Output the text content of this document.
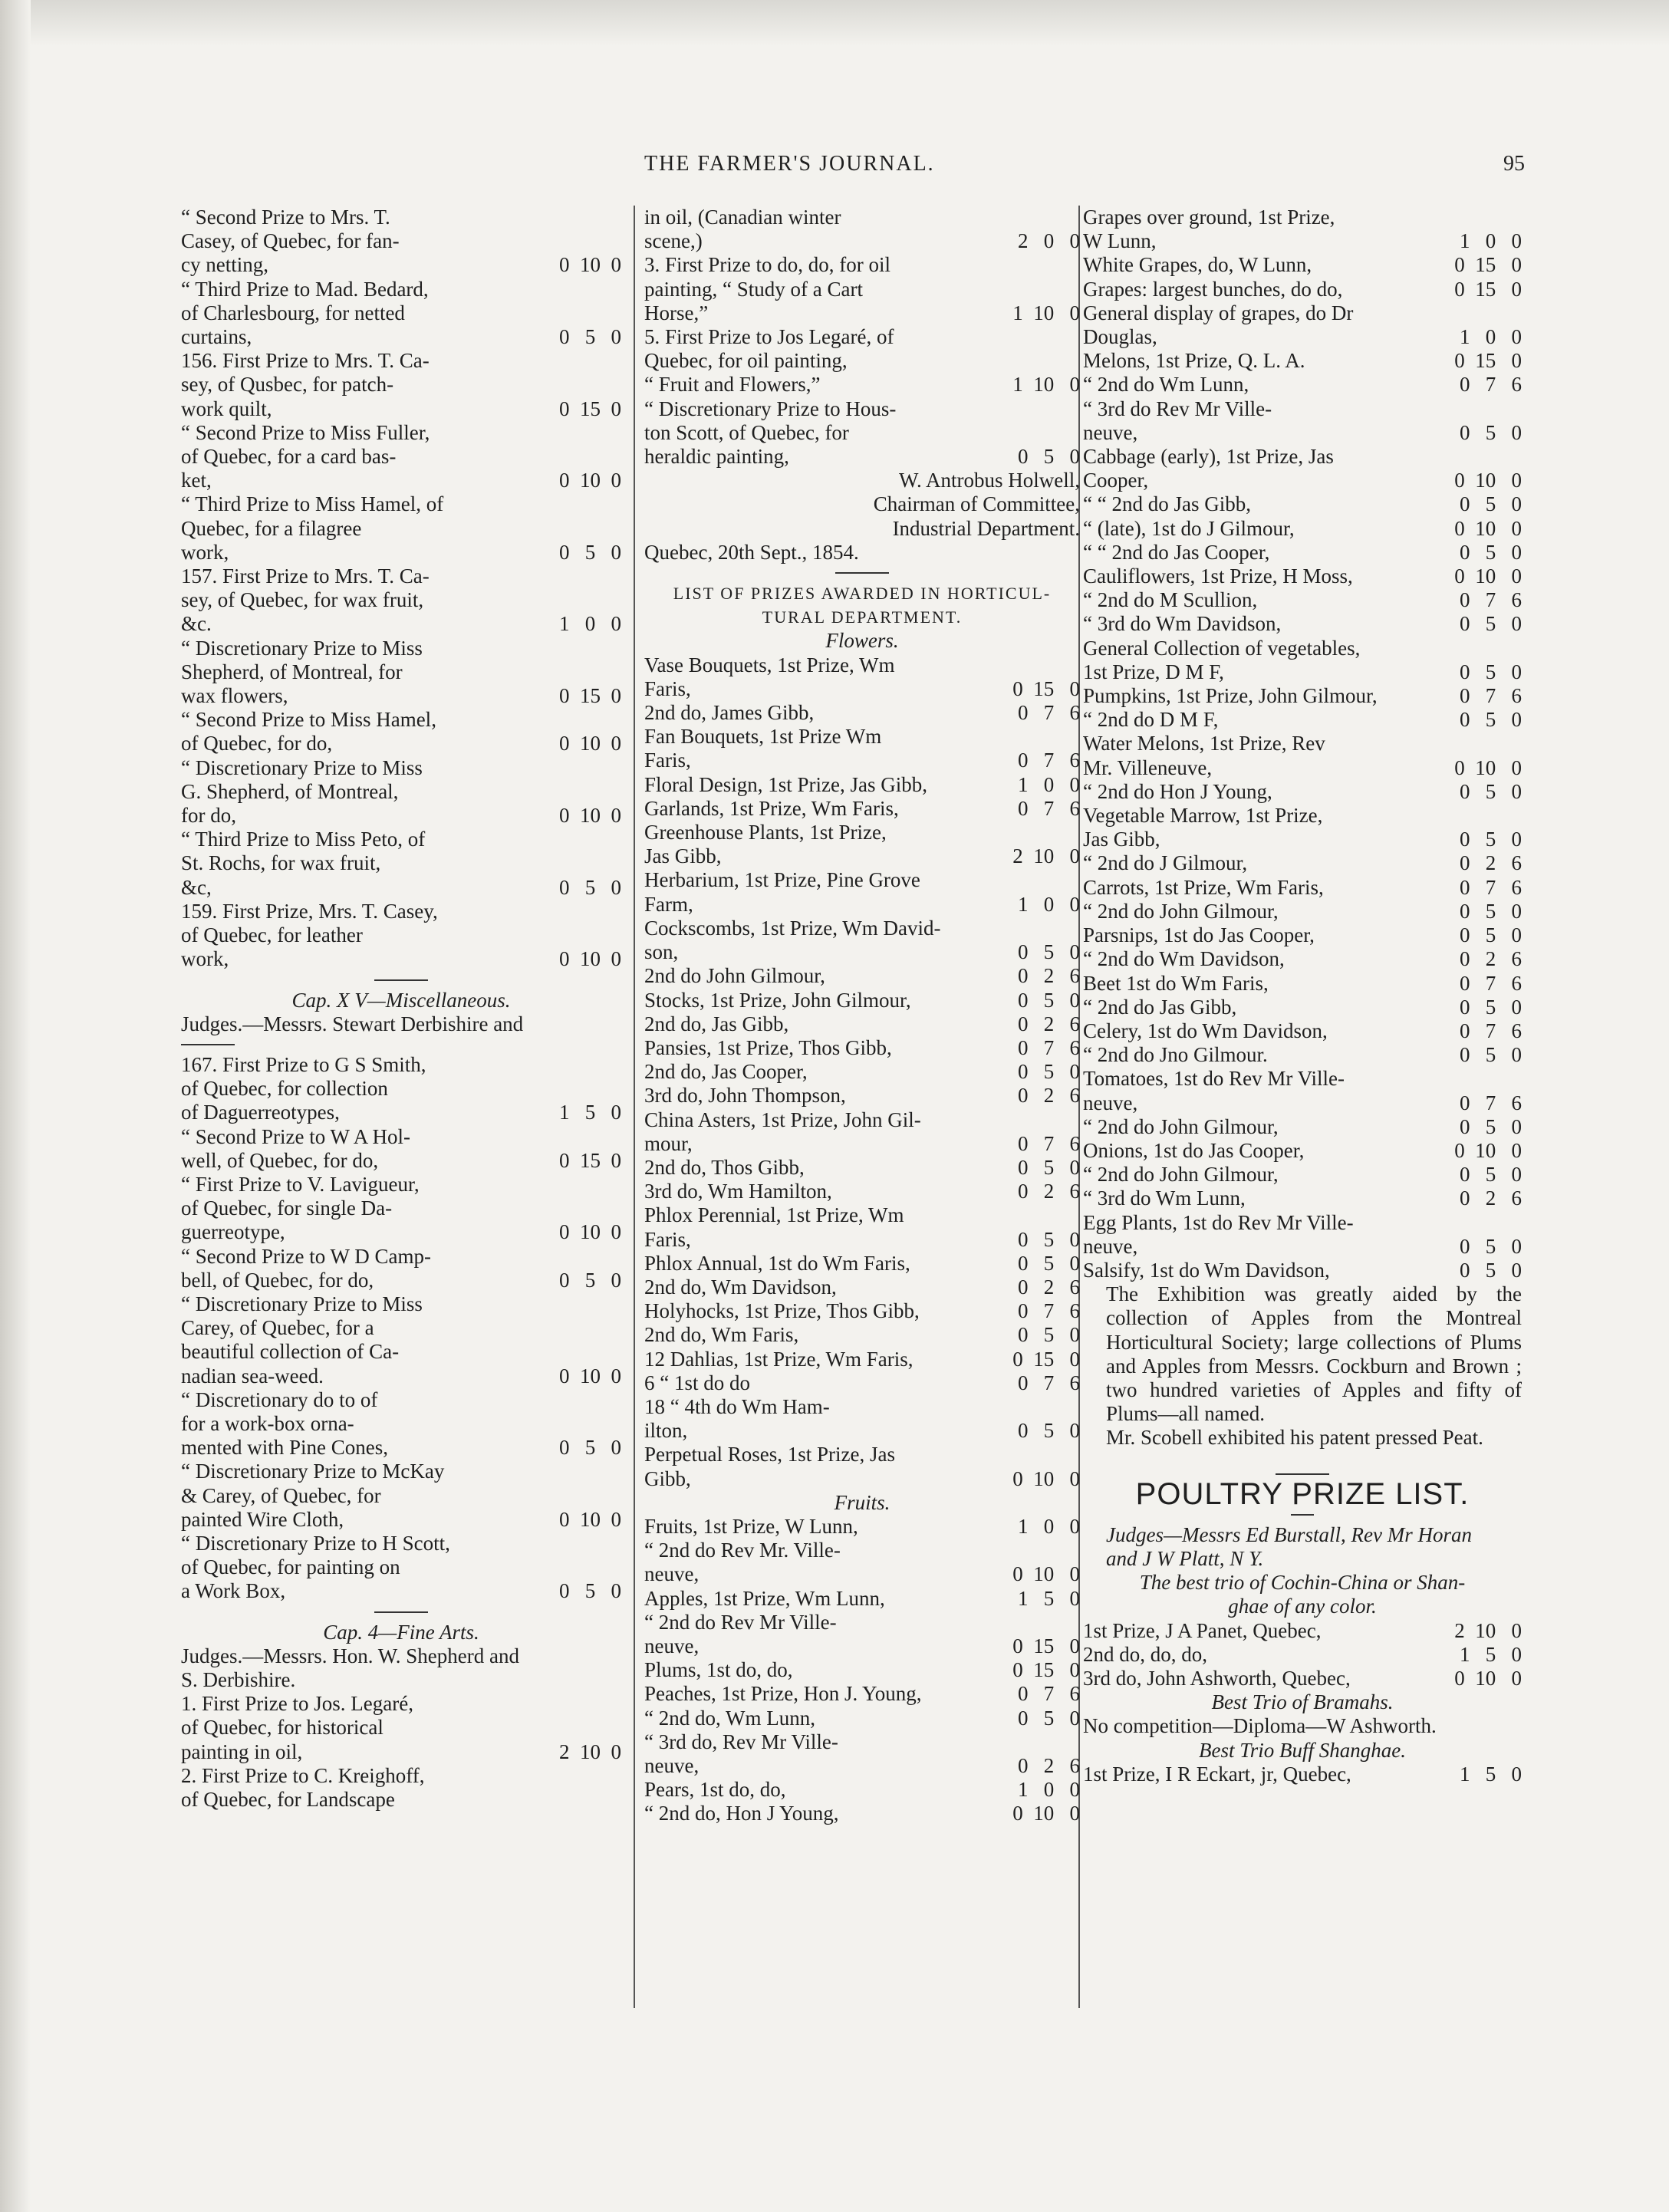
THE FARMER'S JOURNAL.	95
“ Second Prize to Mrs. T.
Casey, of Quebec, for fan-
cy netting,	0  10  0
“ Third Prize to Mad. Bedard,
of Charlesbourg, for netted
curtains,	0   5   0
156. First Prize to Mrs. T. Ca-
sey, of Qusbec, for patch-
work quilt,	0  15  0
“ Second Prize to Miss Fuller,
of Quebec, for a card bas-
ket,	0  10  0
“ Third Prize to Miss Hamel, of
Quebec, for a filagree
work,	0   5   0
157. First Prize to Mrs. T. Ca-
sey, of Quebec, for wax fruit,
&c.	1   0   0
“ Discretionary Prize to Miss
Shepherd, of Montreal, for
wax flowers,	0  15  0
“ Second Prize to Miss Hamel,
of Quebec, for do,	0  10  0
“ Discretionary Prize to Miss
G. Shepherd, of Montreal,
for do,	0  10  0
“ Third Prize to Miss Peto, of
St. Rochs, for wax fruit,
&c,	0   5   0
159. First Prize, Mrs. T. Casey,
of Quebec, for leather
work,	0  10  0
Cap. X V—Miscellaneous.
Judges.—Messrs. Stewart Derbishire and
167. First Prize to G S Smith,
of Quebec, for collection
of Daguerreotypes,	1   5   0
“ Second Prize to W A Hol-
well, of Quebec, for do,	0  15  0
“ First Prize to V. Lavigueur,
of Quebec, for single Da-
guerreotype,	0  10  0
“ Second Prize to W D Camp-
bell, of Quebec, for do,	0   5   0
“ Discretionary Prize to Miss
Carey, of Quebec, for a
beautiful collection of Ca-
nadian sea-weed.	0  10  0
“ Discretionary do to of
for a work-box orna-
mented with Pine Cones,	0   5   0
“ Discretionary Prize to McKay
& Carey, of Quebec, for
painted Wire Cloth,	0  10  0
“ Discretionary Prize to H Scott,
of Quebec, for painting on
a Work Box,	0   5   0
Cap. 4—Fine Arts.
Judges.—Messrs. Hon. W. Shepherd and
S. Derbishire.
1. First Prize to Jos. Legaré,
of Quebec, for historical
painting in oil,	2  10  0
2. First Prize to C. Kreighoff,
of Quebec, for Landscape
in oil, (Canadian winter
scene,)	2   0   0
3. First Prize to do, do, for oil
painting, “ Study of a Cart
Horse,”	1  10   0
5. First Prize to Jos Legaré, of
Quebec, for oil painting,
“ Fruit and Flowers,”	1  10   0
“ Discretionary Prize to Hous-
ton Scott, of Quebec, for
heraldic painting,	0   5   0
W. Antrobus Holwell,
Chairman of Committee,
Industrial Department.
Quebec, 20th Sept., 1854.
LIST OF PRIZES AWARDED IN HORTICUL-
TURAL DEPARTMENT.
Flowers.
Vase Bouquets, 1st Prize, Wm
Faris,	0  15   0
2nd do, James Gibb,	0   7   6
Fan Bouquets, 1st Prize Wm
Faris,	0   7   6
Floral Design, 1st Prize, Jas Gibb,	1   0   0
Garlands, 1st Prize, Wm Faris,	0   7   6
Greenhouse Plants, 1st Prize,
Jas Gibb,	2  10   0
Herbarium, 1st Prize, Pine Grove
Farm,	1   0   0
Cockscombs, 1st Prize, Wm David-
son,	0   5   0
2nd do John Gilmour,	0   2   6
Stocks, 1st Prize, John Gilmour,	0   5   0
2nd do, Jas Gibb,	0   2   6
Pansies, 1st Prize, Thos Gibb,	0   7   6
2nd do, Jas Cooper,	0   5   0
3rd do, John Thompson,	0   2   6
China Asters, 1st Prize, John Gil-
mour,	0   7   6
2nd do, Thos Gibb,	0   5   0
3rd do, Wm Hamilton,	0   2   6
Phlox Perennial, 1st Prize, Wm
Faris,	0   5   0
Phlox Annual, 1st do Wm Faris,	0   5   0
2nd do, Wm Davidson,	0   2   6
Holyhocks, 1st Prize, Thos Gibb,	0   7   6
2nd do, Wm Faris,	0   5   0
12 Dahlias, 1st Prize, Wm Faris,	0  15   0
6 “ 1st do do	0   7   6
18 “ 4th do Wm Ham-
ilton,	0   5   0
Perpetual Roses, 1st Prize, Jas
Gibb,	0  10   0
Fruits.
Fruits, 1st Prize, W Lunn,	1   0   0
“ 2nd do Rev Mr. Ville-
neuve,	0  10   0
Apples, 1st Prize, Wm Lunn,	1   5   0
“ 2nd do Rev Mr Ville-
neuve,	0  15   0
Plums, 1st do, do,	0  15   0
Peaches, 1st Prize, Hon J. Young,	0   7   6
“ 2nd do, Wm Lunn,	0   5   0
“ 3rd do, Rev Mr Ville-
neuve,	0   2   6
Pears, 1st do, do,	1   0   0
“ 2nd do, Hon J Young,	0  10   0
Grapes over ground, 1st Prize,
W Lunn,	1   0   0
White Grapes, do, W Lunn,	0  15   0
Grapes: largest bunches, do do,	0  15   0
General display of grapes, do Dr
Douglas,	1   0   0
Melons, 1st Prize, Q. L. A.	0  15   0
“ 2nd do Wm Lunn,	0   7   6
“ 3rd do Rev Mr Ville-
neuve,	0   5   0
Cabbage (early), 1st Prize, Jas
Cooper,	0  10   0
“ “ 2nd do Jas Gibb,	0   5   0
“ (late), 1st do J Gilmour,	0  10   0
“ “ 2nd do Jas Cooper,	0   5   0
Cauliflowers, 1st Prize, H Moss,	0  10   0
“ 2nd do M Scullion,	0   7   6
“ 3rd do Wm Davidson,	0   5   0
General Collection of vegetables,
1st Prize, D M F,	0   5   0
Pumpkins, 1st Prize, John Gilmour,	0   7   6
“ 2nd do D M F,	0   5   0
Water Melons, 1st Prize, Rev
Mr. Villeneuve,	0  10   0
“ 2nd do Hon J Young,	0   5   0
Vegetable Marrow, 1st Prize,
Jas Gibb,	0   5   0
“ 2nd do J Gilmour,	0   2   6
Carrots, 1st Prize, Wm Faris,	0   7   6
“ 2nd do John Gilmour,	0   5   0
Parsnips, 1st do Jas Cooper,	0   5   0
“ 2nd do Wm Davidson,	0   2   6
Beet 1st do Wm Faris,	0   7   6
“ 2nd do Jas Gibb,	0   5   0
Celery, 1st do Wm Davidson,	0   7   6
“ 2nd do Jno Gilmour.	0   5   0
Tomatoes, 1st do Rev Mr Ville-
neuve,	0   7   6
“ 2nd do John Gilmour,	0   5   0
Onions, 1st do Jas Cooper,	0  10   0
“ 2nd do John Gilmour,	0   5   0
“ 3rd do Wm Lunn,	0   2   6
Egg Plants, 1st do Rev Mr Ville-
neuve,	0   5   0
Salsify, 1st do Wm Davidson,	0   5   0
The Exhibition was greatly aided by the collection of Apples from the Montreal Horticultural Society; large collections of Plums and Apples from Messrs. Cockburn and Brown ; two hundred varieties of Apples and fifty of Plums—all named.
Mr. Scobell exhibited his patent pressed Peat.
POULTRY PRIZE LIST.
Judges—Messrs Ed Burstall, Rev Mr Horan
and J W Platt, N Y.
The best trio of Cochin-China or Shan-
ghae of any color.
1st Prize, J A Panet, Quebec,	2  10   0
2nd do, do, do,	1   5   0
3rd do, John Ashworth, Quebec,	0  10   0
Best Trio of Bramahs.
No competition—Diploma—W Ashworth.
Best Trio Buff Shanghae.
1st Prize, I R Eckart, jr, Quebec,	1   5   0
